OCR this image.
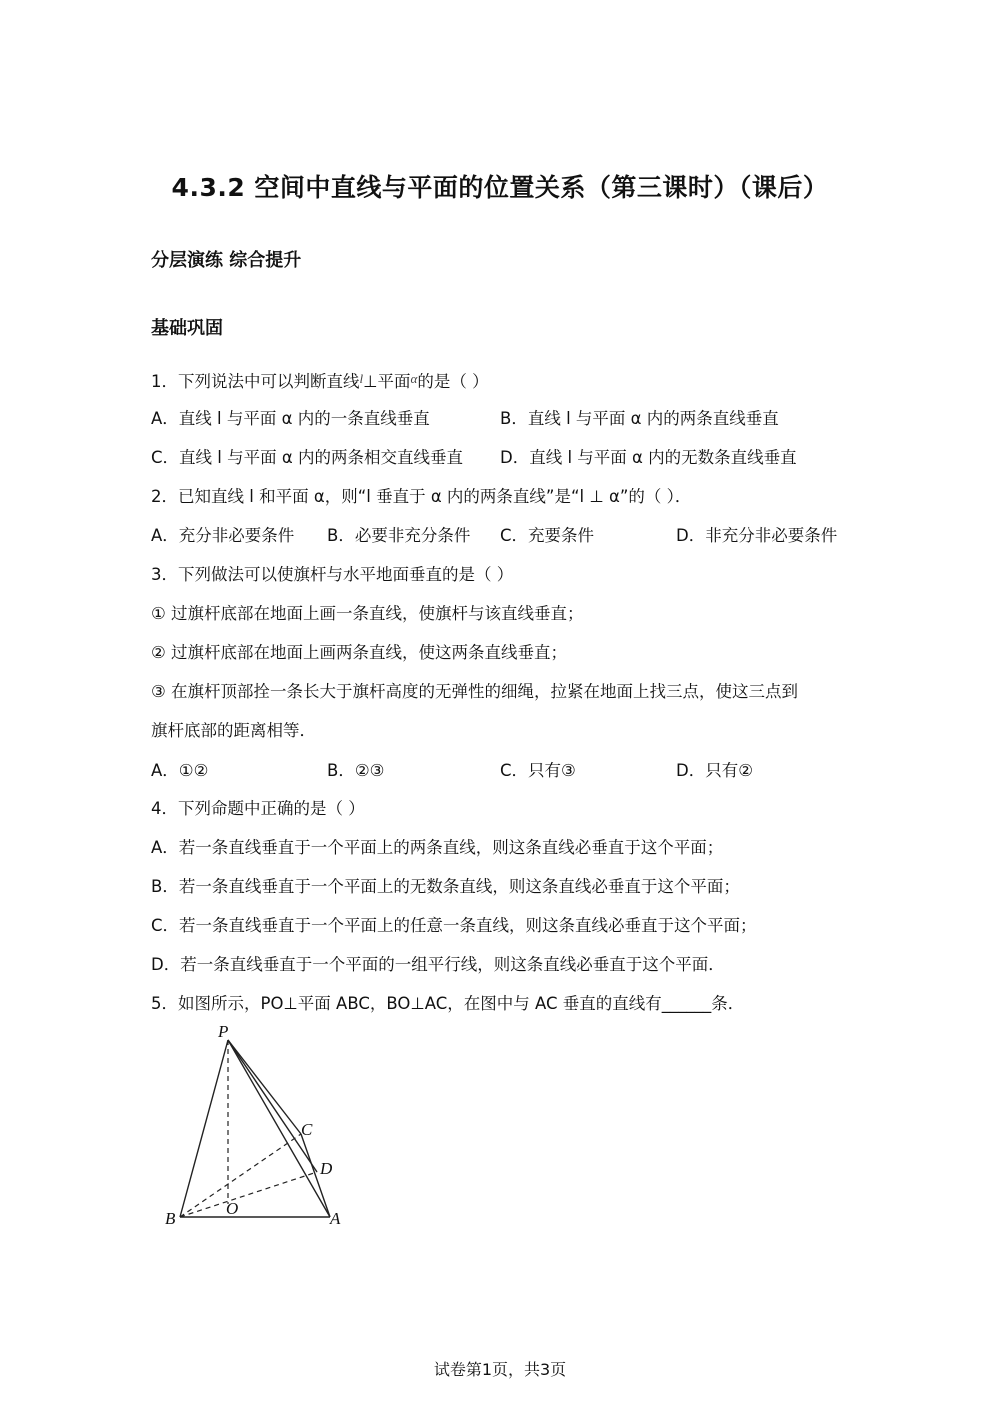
4.3.2 空间中直线与平面的位置关系（第三课时）（课后）
分层演练 综合提升
基础巩固
1．下列说法中可以判断直线$^l$⊥平面$^\alpha$的是（ ）
A．直线 l 与平面 α 内的一条直线垂直	B．直线 l 与平面 α 内的两条直线垂直
C．直线 l 与平面 α 内的两条相交直线垂直 D．直线 l 与平面 α 内的无数条直线垂直
2．已知直线 l 和平面 α，则“l 垂直于 α 内的两条直线”是“l ⊥ α”的（ ）．
A．充分非必要条件 B．必要非充分条件 C．充要条件	D．非充分非必要条件
3．下列做法可以使旗杆与水平地面垂直的是（ ）
① 过旗杆底部在地面上画一条直线，使旗杆与该直线垂直；
② 过旗杆底部在地面上画两条直线，使这两条直线垂直；
③ 在旗杆顶部拴一条长大于旗杆高度的无弹性的细绳，拉紧在地面上找三点，使这三点到
旗杆底部的距离相等．
A．①②	B．②③	C．只有③	D．只有②
4．下列命题中正确的是（ ）
A．若一条直线垂直于一个平面上的两条直线，则这条直线必垂直于这个平面；
B．若一条直线垂直于一个平面上的无数条直线，则这条直线必垂直于这个平面；
C．若一条直线垂直于一个平面上的任意一条直线，则这条直线必垂直于这个平面；
D．若一条直线垂直于一个平面的一组平行线，则这条直线必垂直于这个平面．
5．如图所示，PO⊥平面 ABC，BO⊥AC，在图中与 AC 垂直的直线有______条．
P
C
D
O
B	A
试卷第1页，共3页
